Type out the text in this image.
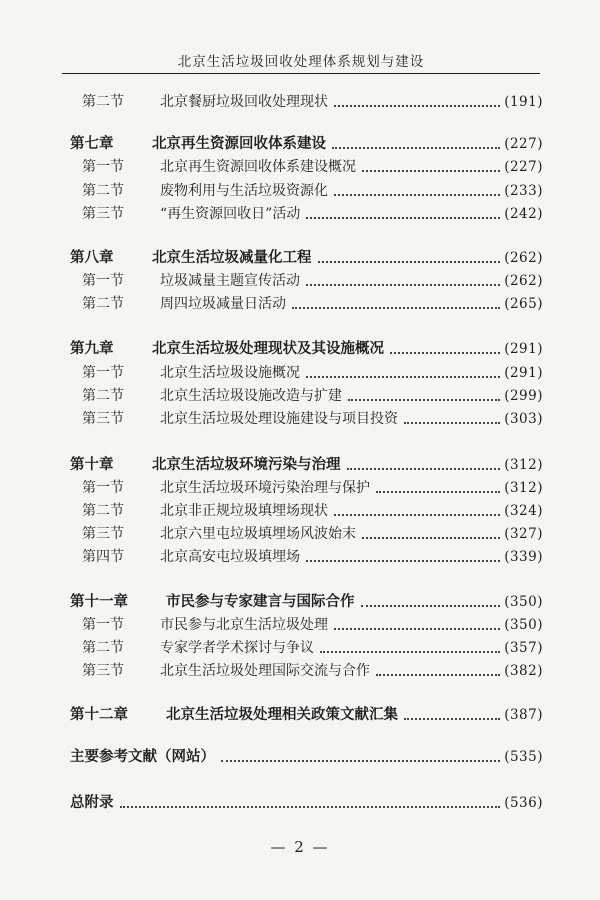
北京生活垃圾回收处理体系规划与建设
第二节	北京餐厨垃圾回收处理现状	(191)
第七章	北京再生资源回收体系建设	(227)
第一节	北京再生资源回收体系建设概况	(227)
第二节	废物利用与生活垃圾资源化	(233)
第三节	“再生资源回收日”活动	(242)
第八章	北京生活垃圾减量化工程	(262)
第一节	垃圾减量主题宣传活动	(262)
第二节	周四垃圾减量日活动	(265)
第九章	北京生活垃圾处理现状及其设施概况	(291)
第一节	北京生活垃圾设施概况	(291)
第二节	北京生活垃圾设施改造与扩建	(299)
第三节	北京生活垃圾处理设施建设与项目投资	(303)
第十章	北京生活垃圾环境污染与治理	(312)
第一节	北京生活垃圾环境污染治理与保护	(312)
第二节	北京非正规垃圾填埋场现状	(324)
第三节	北京六里屯垃圾填埋场风波始末	(327)
第四节	北京高安屯垃圾填埋场	(339)
第十一章	市民参与专家建言与国际合作	(350)
第一节	市民参与北京生活垃圾处理	(350)
第二节	专家学者学术探讨与争议	(357)
第三节	北京生活垃圾处理国际交流与合作	(382)
第十二章	北京生活垃圾处理相关政策文献汇集	(387)
主要参考文献（网站）	(535)
总附录	(536)
— 2 —
